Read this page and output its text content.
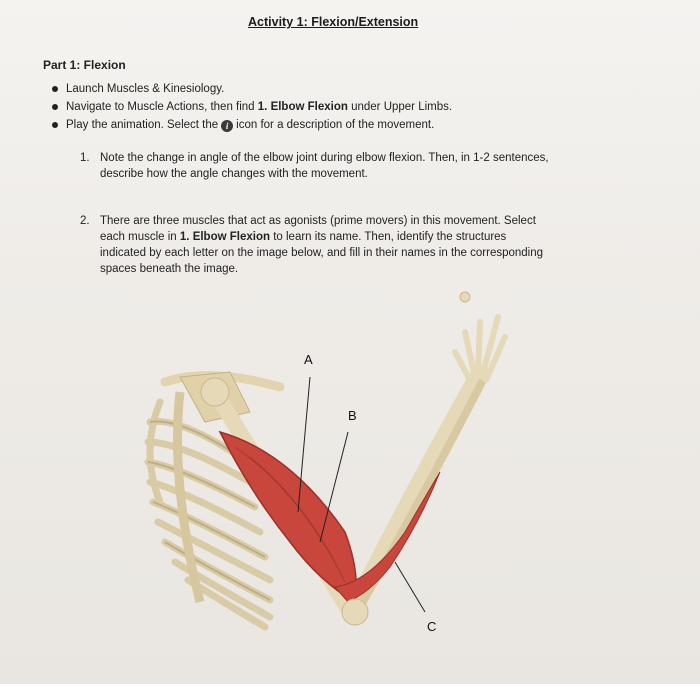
Activity 1: Flexion/Extension
Part 1: Flexion
Launch Muscles & Kinesiology.
Navigate to Muscle Actions, then find 1. Elbow Flexion under Upper Limbs.
Play the animation. Select the i icon for a description of the movement.
1. Note the change in angle of the elbow joint during elbow flexion. Then, in 1-2 sentences,
describe how the angle changes with the movement.
2. There are three muscles that act as agonists (prime movers) in this movement. Select
each muscle in 1. Elbow Flexion to learn its name. Then, identify the structures
indicated by each letter on the image below, and fill in their names in the corresponding
spaces beneath the image.
A
B
C
